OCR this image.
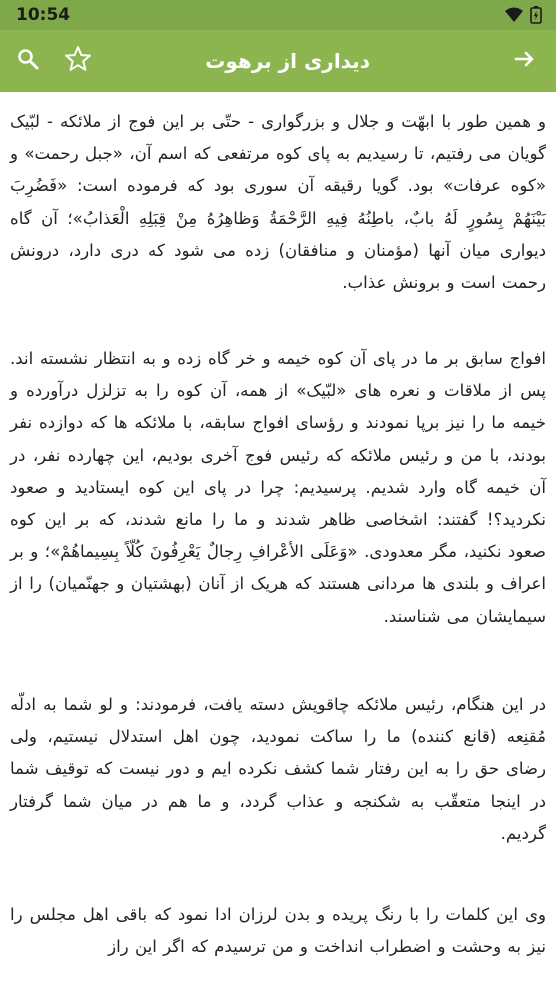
10:54
دیداری از برهوت

و همین طور با ابهّت و جلال و بزرگواری - حتّی بر این فوج از ملائکه - لبّیک گویان می رفتیم، تا رسیدیم به پای کوه مرتفعی که اسم آن، «جبل رحمت» و «کوه عرفات» بود. گویا رقیقه آن سوری بود که فرموده است: «فَضُرِبَ بَيْنَهُمْ بِسُورٍ لَهُ بابٌ، باطِنُهُ فِيهِ الرَّحْمَةُ وَظاهِرُهُ مِنْ قِبَلِهِ الْعَذابُ»؛ آن گاه دیواری میان آنها (مؤمنان و منافقان) زده می شود که دری دارد، درونش رحمت است و برونش عذاب.

افواج سابق بر ما در پای آن کوه خیمه و خر گاه زده و به انتظار نشسته اند. پس از ملاقات و نعره های «لبّیک» از همه، آن کوه را به تزلزل درآورده و خیمه ما را نیز برپا نمودند و رؤسای افواج سابقه، با ملائکه ها که دوازده نفر بودند، با من و رئیس ملائکه که رئیس فوج آخری بودیم، این چهارده نفر، در آن خیمه گاه وارد شدیم. پرسیدیم: چرا در پای این کوه ایستادید و صعود نکردید؟! گفتند: اشخاصی ظاهر شدند و ما را مانع شدند، که بر این کوه صعود نکنید، مگر معدودی. «وَعَلَى الأعْرافِ رِجالٌ يَعْرِفُونَ كُلّاً بِسِيماهُمْ»؛ و بر اعراف و بلندی ها مردانی هستند که هریک از آنان (بهشتیان و جهنّمیان) را از سیمایشان می شناسند.

در این هنگام، رئیس ملائکه چاقویش دسته یافت، فرمودند: و لو شما به ادلّه مُقنِعه (قانع کننده) ما را ساکت نمودید، چون اهل استدلال نیستیم، ولی رضای حق را به این رفتار شما کشف نکرده ایم و دور نیست که توقیف شما در اینجا متعقّب به شکنجه و عذاب گردد، و ما هم در میان شما گرفتار گردیم.

وی این کلمات را با رنگ پریده و بدن لرزان ادا نمود که باقی اهل مجلس را نیز به وحشت و اضطراب انداخت و من ترسیدم که اگر این راز
